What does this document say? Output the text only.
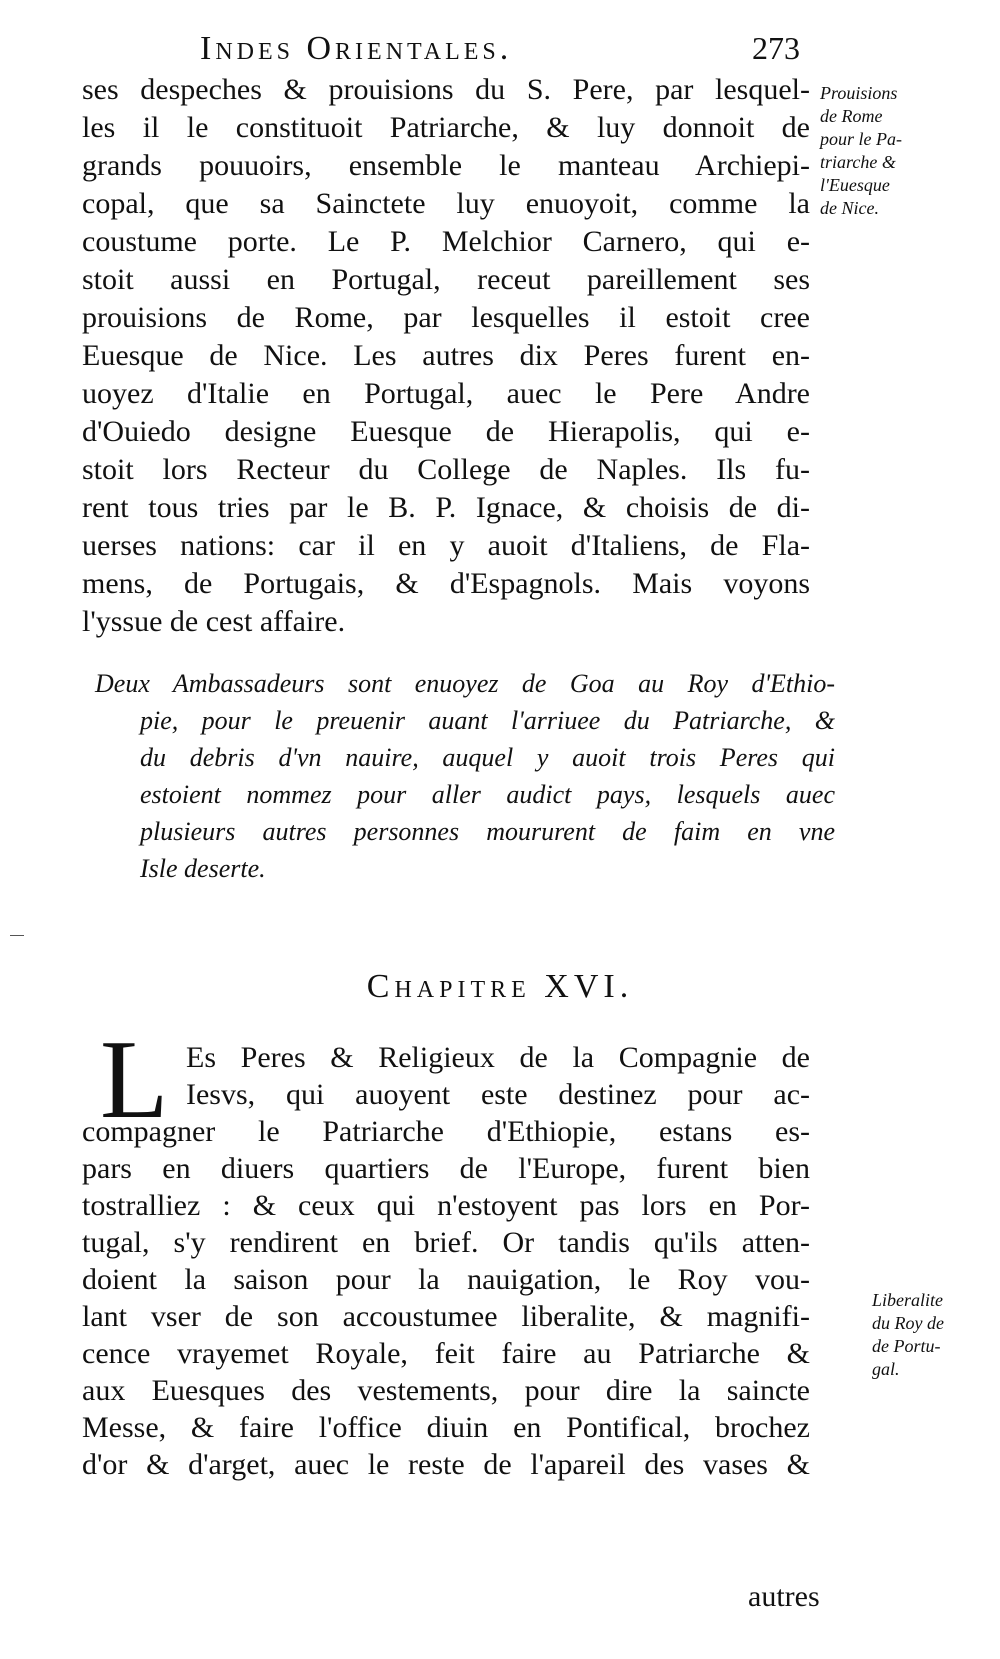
Indes Orientales.	273

ses despeches & prouisions du S. Pere, par lesquel-

les il le constituoit Patriarche, & luy donnoit de

grands pouuoirs, ensemble le manteau Archiepi-

copal, que sa Sainctete luy enuoyoit, comme la

coustume porte. Le P. Melchior Carnero, qui e-

stoit aussi en Portugal, receut pareillement ses

prouisions de Rome, par lesquelles il estoit cree

Euesque de Nice. Les autres dix Peres furent en-

uoyez d'Italie en Portugal, auec le Pere Andre

d'Ouiedo designe Euesque de Hierapolis, qui e-

stoit lors Recteur du College de Naples. Ils fu-

rent tous tries par le B. P. Ignace, & choisis de di-

uerses nations: car il en y auoit d'Italiens, de Fla-

mens, de Portugais, & d'Espagnols. Mais voyons

l'yssue de cest affaire.

Prouisions
de Rome
pour le Pa-
triarche &
l'Euesque
de Nice.

Deux Ambassadeurs sont enuoyez de Goa au Roy d'Ethio-

pie, pour le preuenir auant l'arriuee du Patriarche, &

du debris d'vn nauire, auquel y auoit trois Peres qui

estoient nommez pour aller audict pays, lesquels auec

plusieurs autres personnes moururent de faim en vne

Isle deserte.

Chapitre XVI.
L Es Peres & Religieux de la Compagnie de

Iesvs, qui auoyent este destinez pour ac-

compagner le Patriarche d'Ethiopie, estans es-

pars en diuers quartiers de l'Europe, furent bien

tostralliez : & ceux qui n'estoyent pas lors en Por-

tugal, s'y rendirent en brief. Or tandis qu'ils atten-

doient la saison pour la nauigation, le Roy vou-

lant vser de son accoustumee liberalite, & magnifi-

cence vrayemet Royale, feit faire au Patriarche &

aux Euesques des vestements, pour dire la saincte

Messe, & faire l'office diuin en Pontifical, brochez

d'or & d'arget, auec le reste de l'apareil des vases &

Liberalite
du Roy de
de Portu-
gal.
autres
